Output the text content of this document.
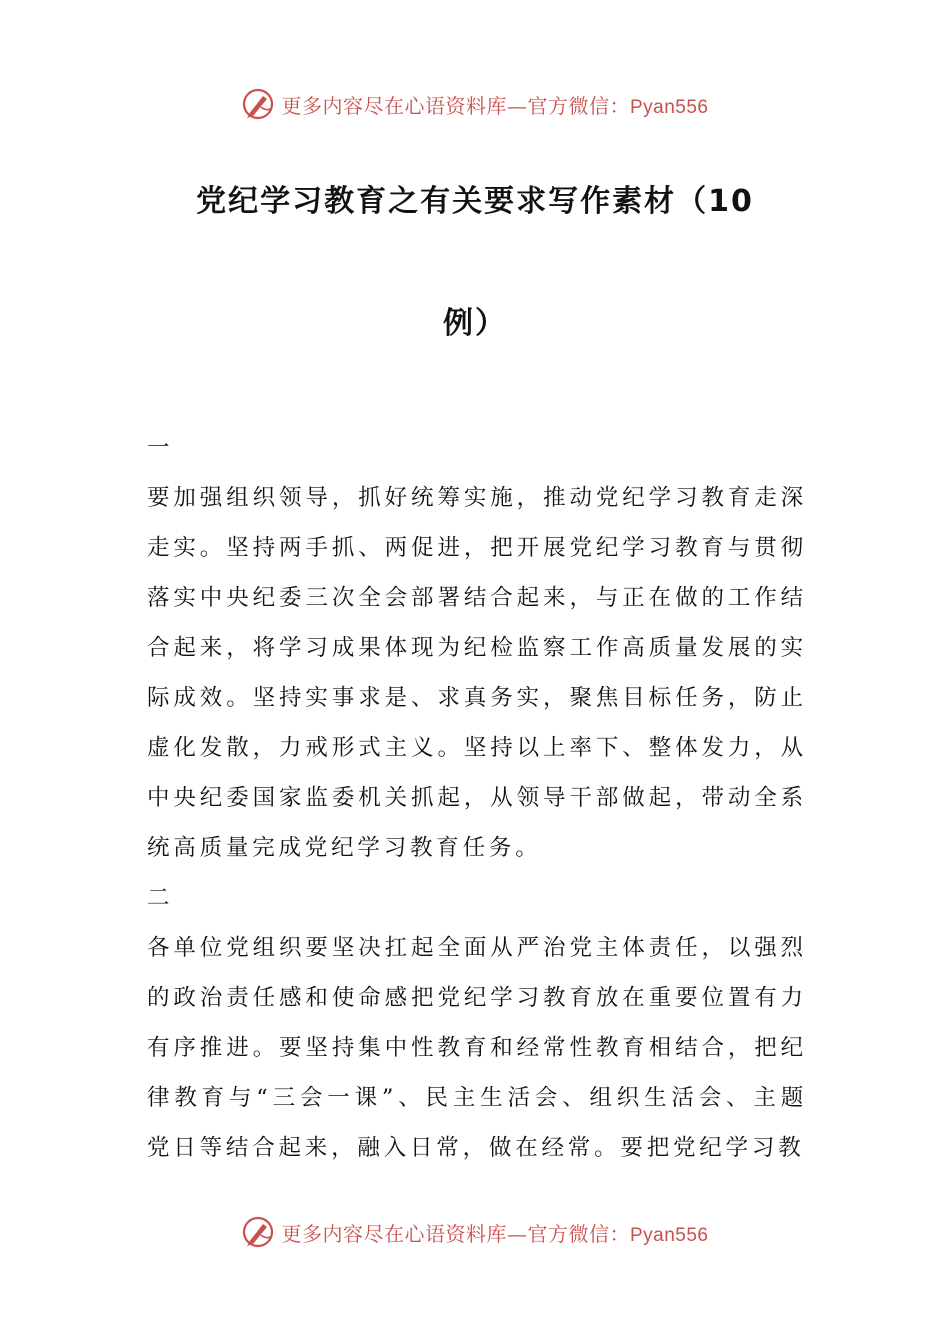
更多内容尽在心语资料库—官方微信：Pyan556
党纪学习教育之有关要求写作素材（10
例）
一

要加强组织领导，抓好统筹实施，推动党纪学习教育走深走实。坚持两手抓、两促进，把开展党纪学习教育与贯彻落实中央纪委三次全会部署结合起来，与正在做的工作结合起来，将学习成果体现为纪检监察工作高质量发展的实际成效。坚持实事求是、求真务实，聚焦目标任务，防止虚化发散，力戒形式主义。坚持以上率下、整体发力，从中央纪委国家监委机关抓起，从领导干部做起，带动全系统高质量完成党纪学习教育任务。

二

各单位党组织要坚决扛起全面从严治党主体责任，以强烈的政治责任感和使命感把党纪学习教育放在重要位置有力有序推进。要坚持集中性教育和经常性教育相结合，把纪律教育与“三会一课”、民主生活会、组织生活会、主题党日等结合起来，融入日常，做在经常。要把党纪学习教

更多内容尽在心语资料库—官方微信：Pyan556
